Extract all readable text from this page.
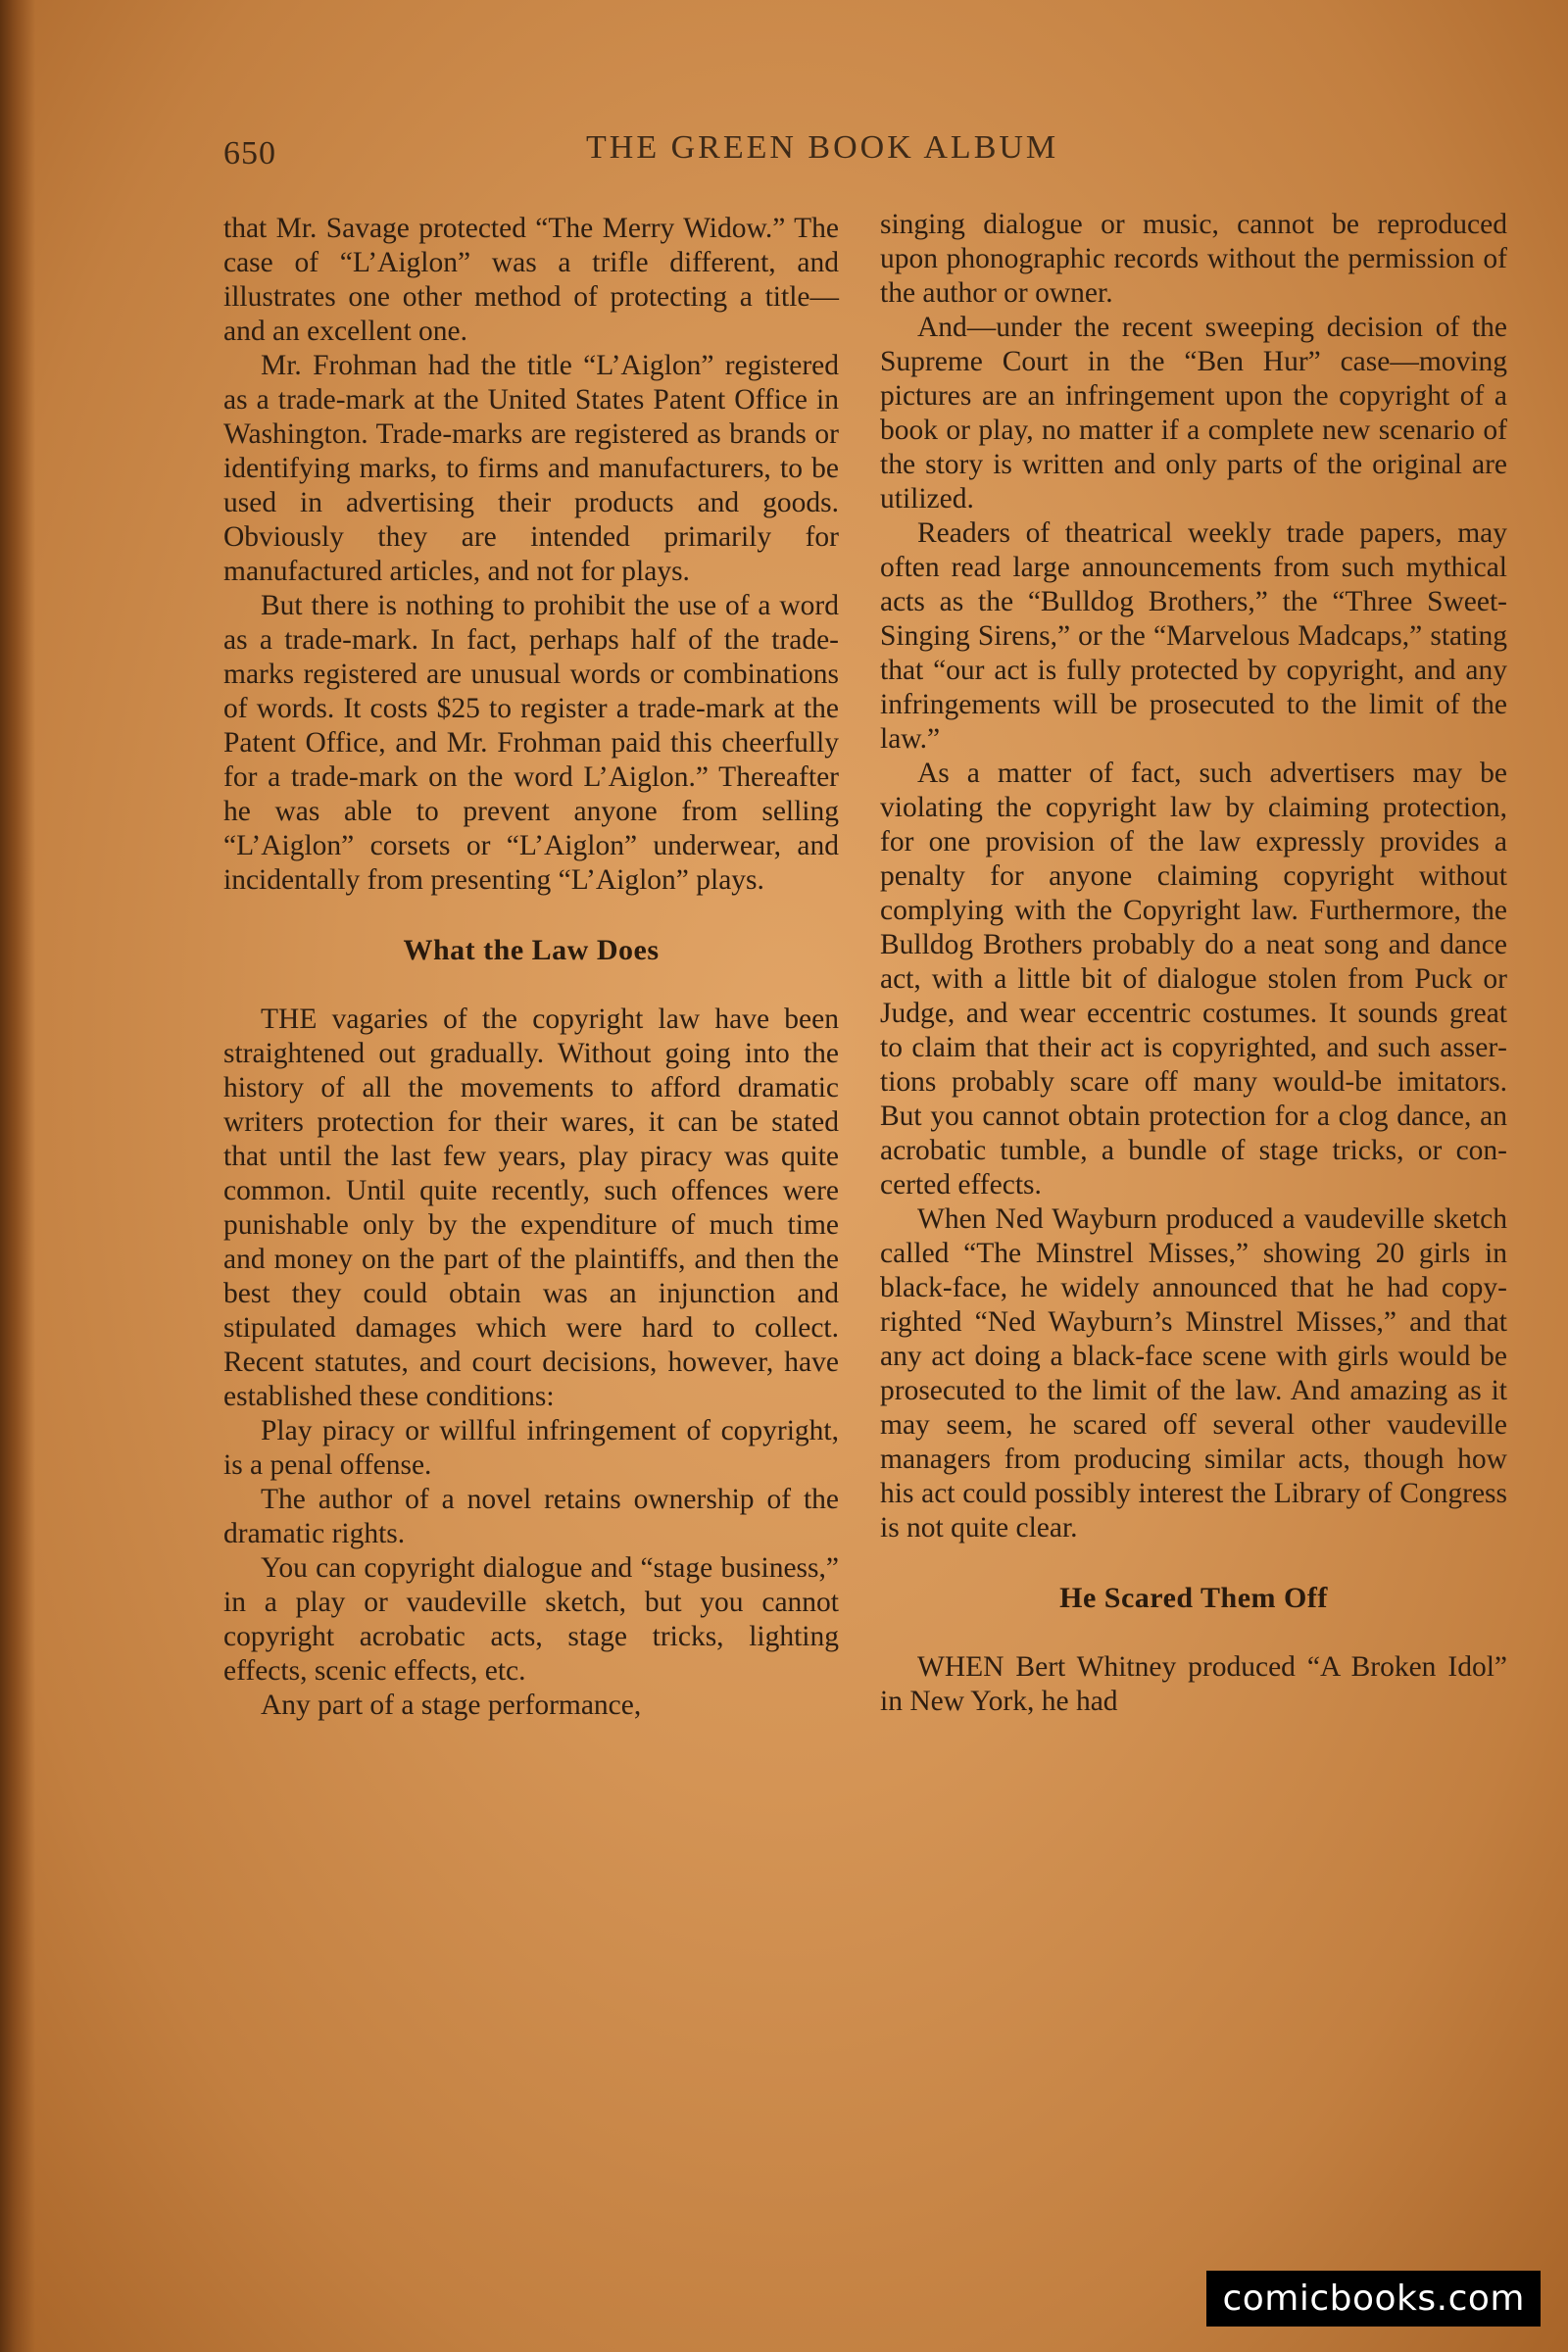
650	THE GREEN BOOK ALBUM

that Mr. Savage protected “The Merry Widow.” The case of “L’Aiglon” was a trifle different, and illustrates one other method of protecting a title—and an excellent one.

Mr. Frohman had the title “L’Aiglon” registered as a trade-mark at the United States Patent Office in Washington. Trade-marks are registered as brands or identifying marks, to firms and manufacturers, to be used in advertising their products and goods. Obviously they are intended primarily for manufactured articles, and not for plays.

But there is nothing to prohibit the use of a word as a trade-mark. In fact, perhaps half of the trade-marks registered are unusual words or combinations of words. It costs $25 to register a trade-mark at the Patent Office, and Mr. Frohman paid this cheerfully for a trade-mark on the word L’Aiglon.” Thereafter he was able to prevent anyone from selling “L’Aiglon” corsets or “L’Aiglon” underwear, and incidentally from presenting “L’Aiglon” plays.

What the Law Does

THE vagaries of the copyright law have been straightened out gradually. Without going into the history of all the movements to afford dramatic writers protection for their wares, it can be stated that until the last few years, play piracy was quite common. Until quite recently, such offences were punishable only by the expenditure of much time and money on the part of the plaintiffs, and then the best they could obtain was an injunction and stipulated damages which were hard to collect. Recent statutes, and court decisions, however, have established these conditions:

Play piracy or willful infringement of copyright, is a penal offense.

The author of a novel retains ownership of the dramatic rights.

You can copyright dialogue and “stage business,” in a play or vaudeville sketch, but you cannot copyright acrobatic acts, stage tricks, lighting effects, scenic effects, etc.

Any part of a stage performance,

singing dialogue or music, cannot be reproduced upon phonographic records without the permission of the author or owner.

And—under the recent sweeping decision of the Supreme Court in the “Ben Hur” case—moving pictures are an infringement upon the copyright of a book or play, no matter if a complete new scenario of the story is written and only parts of the original are utilized.

Readers of theatrical weekly trade papers, may often read large announcements from such mythical acts as the “Bulldog Brothers,” the “Three Sweet-Singing Sirens,” or the “Marvelous Madcaps,” stating that “our act is fully protected by copyright, and any infringements will be prosecuted to the limit of the law.”

As a matter of fact, such advertisers may be violating the copyright law by claiming protection, for one provision of the law expressly provides a penalty for anyone claiming copyright without complying with the Copyright law. Furthermore, the Bulldog Brothers probably do a neat song and dance act, with a little bit of dialogue stolen from Puck or Judge, and wear eccentric costumes. It sounds great to claim that their act is copyrighted, and such assertions probably scare off many would-be imitators. But you cannot obtain protection for a clog dance, an acrobatic tumble, a bundle of stage tricks, or concerted effects.

When Ned Wayburn produced a vaudeville sketch called “The Minstrel Misses,” showing 20 girls in black-face, he widely announced that he had copyrighted “Ned Wayburn’s Minstrel Misses,” and that any act doing a black-face scene with girls would be prosecuted to the limit of the law. And amazing as it may seem, he scared off several other vaudeville managers from producing similar acts, though how his act could possibly interest the Library of Congress is not quite clear.

He Scared Them Off

WHEN Bert Whitney produced “A Broken Idol” in New York, he had

comicbooks.com
